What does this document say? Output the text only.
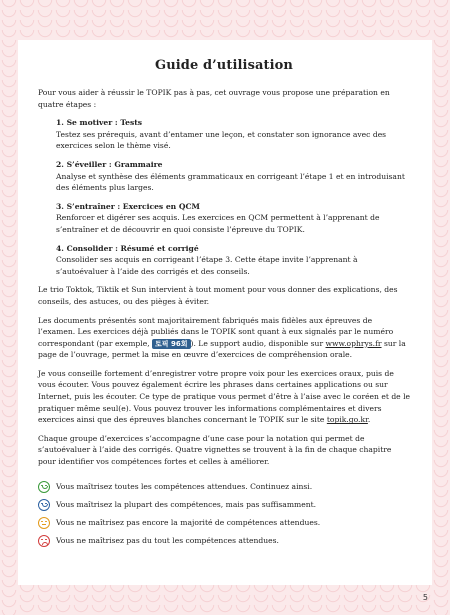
Guide d’utilisation

Pour vous aider à réussir le TOPIK pas à pas, cet ouvrage vous propose une préparation en quatre étapes :

1. Se motiver : Tests
Testez ses prérequis, avant d’entamer une leçon, et constater son ignorance avec des exercices selon le thème visé.
2. S’éveiller : Grammaire
Analyse et synthèse des éléments grammaticaux en corrigeant l’étape 1 et en introduisant des éléments plus larges.
3. S’entraîner : Exercices en QCM
Renforcer et digérer ses acquis. Les exercices en QCM permettent à l’apprenant de s’entraîner et de découvrir en quoi consiste l’épreuve du TOPIK.
4. Consolider : Résumé et corrigé
Consolider ses acquis en corrigeant l’étape 3. Cette étape invite l’apprenant à s’autoévaluer à l’aide des corrigés et des conseils.

Le trio Toktok, Tiktik et Sun intervient à tout moment pour vous donner des explications, des conseils, des astuces, ou des pièges à éviter.

Les documents présentés sont majoritairement fabriqués mais fidèles aux épreuves de l’examen. Les exercices déjà publiés dans le TOPIK sont quant à eux signalés par le numéro correspondant (par exemple, 토픽 96회 ). Le support audio, disponible sur www.ophrys.fr sur la page de l’ouvrage, permet la mise en œuvre d’exercices de compréhension orale.

Je vous conseille fortement d’enregistrer votre propre voix pour les exercices oraux, puis de vous écouter. Vous pouvez également écrire les phrases dans certaines applications ou sur Internet, puis les écouter. Ce type de pratique vous permet d’être à l’aise avec le coréen et de le pratiquer même seul(e). Vous pouvez trouver les informations complémentaires et divers exercices ainsi que des épreuves blanches concernant le TOPIK sur le site topik.go.kr.

Chaque groupe d’exercices s’accompagne d’une case pour la notation qui permet de s’autoévaluer à l’aide des corrigés. Quatre vignettes se trouvent à la fin de chaque chapitre pour identifier vos compétences fortes et celles à améliorer.

Vous maîtrisez toutes les compétences attendues. Continuez ainsi.
Vous maîtrisez la plupart des compétences, mais pas suffisamment.
Vous ne maîtrisez pas encore la majorité de compétences attendues.
Vous ne maîtrisez pas du tout les compétences attendues.
5
